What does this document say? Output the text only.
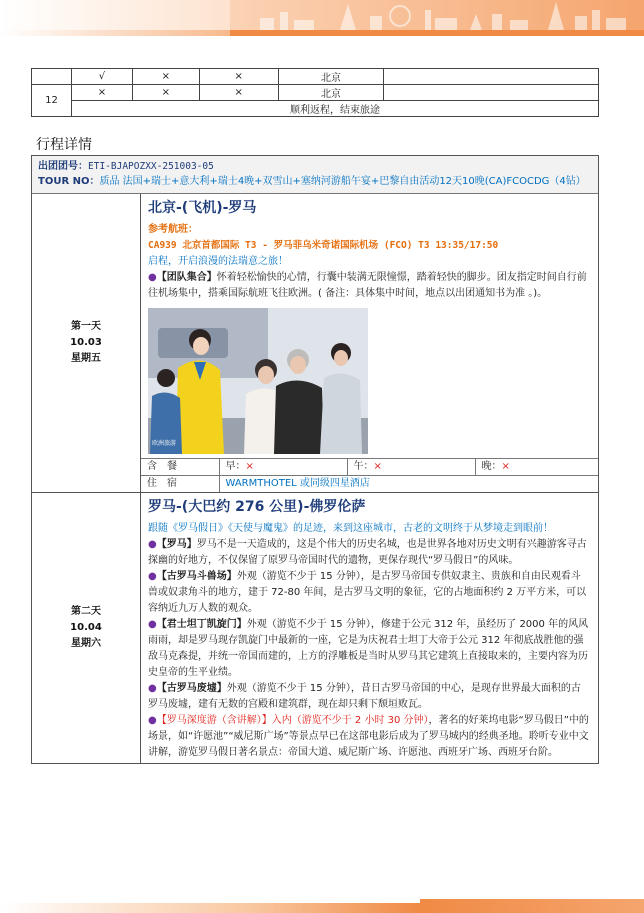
	√	×	×	北京	
12	×	×	×	北京	
	顺利返程，结束旅途				
行程详情
出团团号：ETI-BJAPOZXX-251003-05
TOUR NO：质品 法国+瑞士+意大利+瑞士4晚+双雪山+塞纳河游船午宴+巴黎自由活动12天10晚(CA)FCOCDG（4钻）
第一天
10.03
星期五
北京-(飞机)-罗马
参考航班：
CA939 北京首都国际 T3 - 罗马菲乌米奇诺国际机场 (FCO) T3 13:35/17:50
启程，开启浪漫的法瑞意之旅！

●【团队集合】怀着轻松愉快的心情，行囊中装满无限憧憬，踏着轻快的脚步。团友指定时间自行前往机场集中，搭乘国际航班飞往欧洲。( 备注：具体集中时间，地点以出团通知书为准 。)。

欧洲旅游
含餐	早：×	午：×	晚：×
住宿	WARMTHOTEL 或同级四星酒店		
第二天
10.04
星期六
罗马-(大巴约 276 公里)-佛罗伦萨
跟随《罗马假日》《天使与魔鬼》的足迹，来到这座城市，古老的文明终于从梦境走到眼前！

●【罗马】罗马不是一天造成的，这是个伟大的历史名城，也是世界各地对历史文明有兴趣游客寻古探幽的好地方，不仅保留了原罗马帝国时代的遗物，更保存现代“罗马假日”的风味。

●【古罗马斗兽场】外观（游览不少于 15 分钟），是古罗马帝国专供奴隶主、贵族和自由民观看斗兽或奴隶角斗的地方，建于 72-80 年间，是古罗马文明的象征，它的占地面积约 2 万平方米，可以容纳近九万人数的观众。

●【君士坦丁凯旋门】外观（游览不少于 15 分钟），修建于公元 312 年，虽经历了 2000 年的风风雨雨，却是罗马现存凯旋门中最新的一座，它是为庆祝君士坦丁大帝于公元 312 年彻底战胜他的强敌马克森提，并统一帝国而建的，上方的浮雕板是当时从罗马其它建筑上直接取来的，主要内容为历史皇帝的生平业绩。

●【古罗马废墟】外观（游览不少于 15 分钟），昔日古罗马帝国的中心，是现存世界最大面积的古罗马废墟，建有无数的宫殿和建筑群，现在却只剩下颓垣败瓦。

●【罗马深度游（含讲解）】入内（游览不少于 2 小时 30 分钟），著名的好莱坞电影“罗马假日”中的场景，如“许愿池”“威尼斯广场”等景点早已在这部电影后成为了罗马城内的经典圣地。聆听专业中文讲解，游览罗马假日著名景点：帝国大道、威尼斯广场、许愿池、西班牙广场、西班牙台阶。
